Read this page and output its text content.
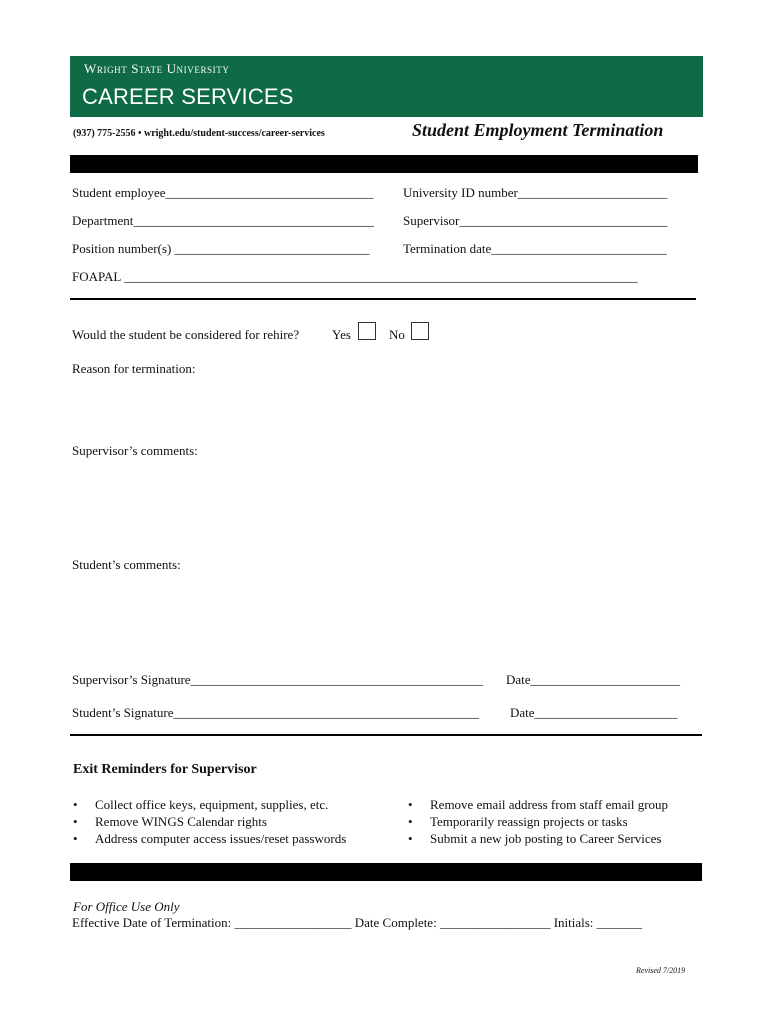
Wright State University
CAREER SERVICES
(937) 775-2556 • wright.edu/student-success/career-services	Student Employment Termination
Student employee________________________________ University ID number_______________________
Department_____________________________________ Supervisor________________________________
Position number(s) ______________________________	Termination date___________________________
FOAPAL _______________________________________________________________________________
Would the student be considered for rehire?	Yes	No
Reason for termination:
Supervisor’s comments:
Student’s comments:
Supervisor’s Signature_____________________________________________ Date_______________________
Student’s Signature_______________________________________________ Date______________________
Exit Reminders for Supervisor
• Collect office keys, equipment, supplies, etc.
• Remove WINGS Calendar rights
• Address computer access issues/reset passwords
• Remove email address from staff email group
• Temporarily reassign projects or tasks
• Submit a new job posting to Career Services
For Office Use Only
Effective Date of Termination: __________________ Date Complete: _________________ Initials: _______
Revised 7/2019
